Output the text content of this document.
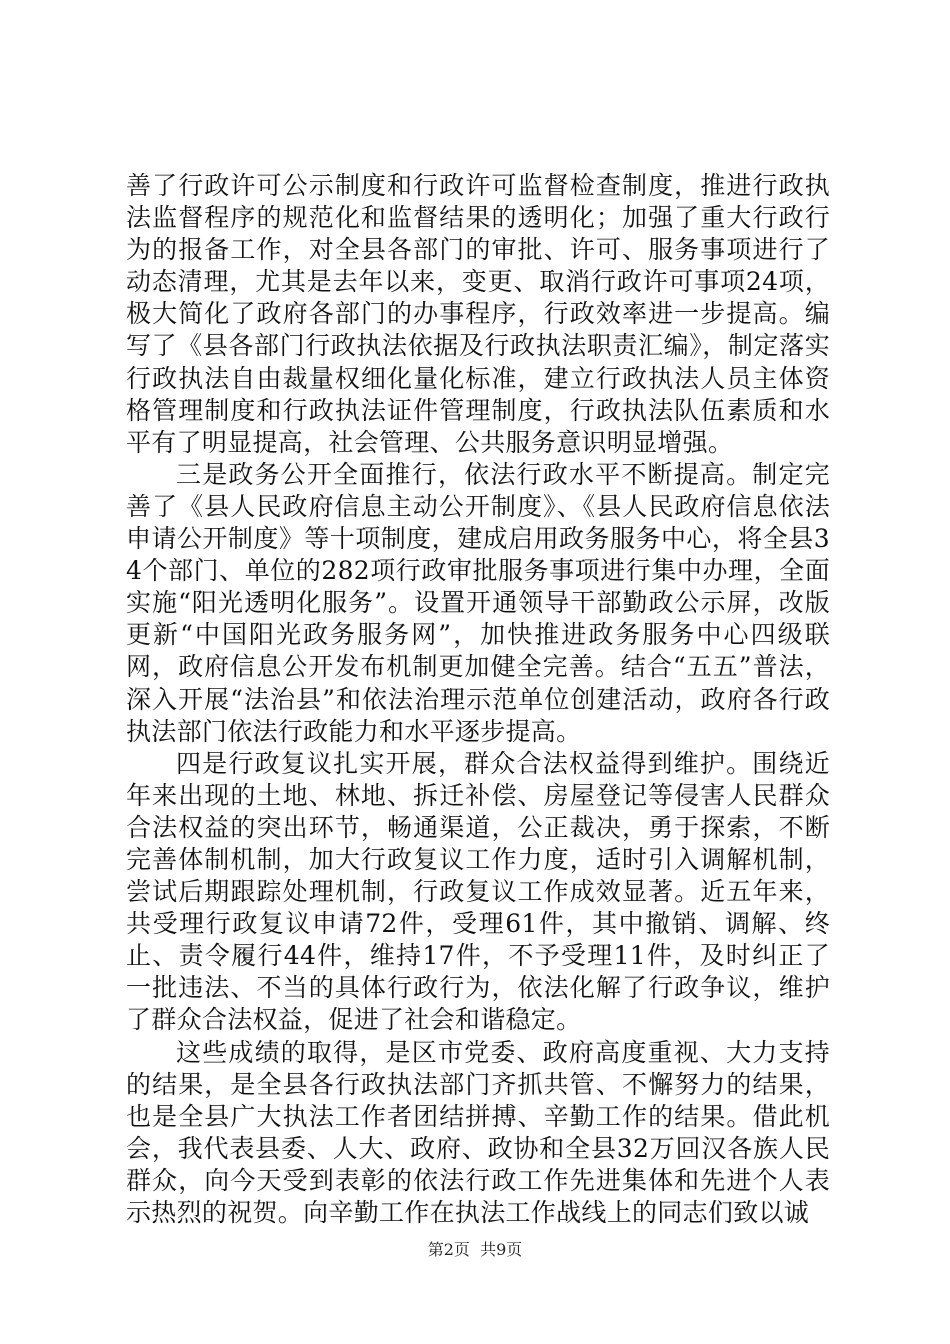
善了行政许可公示制度和行政许可监督检查制度，推进行政执法监督程序的规范化和监督结果的透明化；加强了重大行政行为的报备工作，对全县各部门的审批、许可、服务事项进行了动态清理，尤其是去年以来，变更、取消行政许可事项24项，极大简化了政府各部门的办事程序，行政效率进一步提高。编写了《县各部门行政执法依据及行政执法职责汇编》，制定落实行政执法自由裁量权细化量化标准，建立行政执法人员主体资格管理制度和行政执法证件管理制度，行政执法队伍素质和水平有了明显提高，社会管理、公共服务意识明显增强。

三是政务公开全面推行，依法行政水平不断提高。制定完善了《县人民政府信息主动公开制度》、《县人民政府信息依法申请公开制度》等十项制度，建成启用政务服务中心，将全县34个部门、单位的282项行政审批服务事项进行集中办理，全面实施“阳光透明化服务”。设置开通领导干部勤政公示屏，改版更新“中国阳光政务服务网”，加快推进政务服务中心四级联网，政府信息公开发布机制更加健全完善。结合“五五”普法，深入开展“法治县”和依法治理示范单位创建活动，政府各行政执法部门依法行政能力和水平逐步提高。

四是行政复议扎实开展，群众合法权益得到维护。围绕近年来出现的土地、林地、拆迁补偿、房屋登记等侵害人民群众合法权益的突出环节，畅通渠道，公正裁决，勇于探索，不断完善体制机制，加大行政复议工作力度，适时引入调解机制，尝试后期跟踪处理机制，行政复议工作成效显著。近五年来，共受理行政复议申请72件，受理61件，其中撤销、调解、终止、责令履行44件，维持17件，不予受理11件，及时纠正了一批违法、不当的具体行政行为，依法化解了行政争议，维护了群众合法权益，促进了社会和谐稳定。

这些成绩的取得，是区市党委、政府高度重视、大力支持的结果，是全县各行政执法部门齐抓共管、不懈努力的结果，也是全县广大执法工作者团结拼搏、辛勤工作的结果。借此机会，我代表县委、人大、政府、政协和全县32万回汉各族人民群众，向今天受到表彰的依法行政工作先进集体和先进个人表示热烈的祝贺。向辛勤工作在执法工作战线上的同志们致以诚

第2页  共9页
